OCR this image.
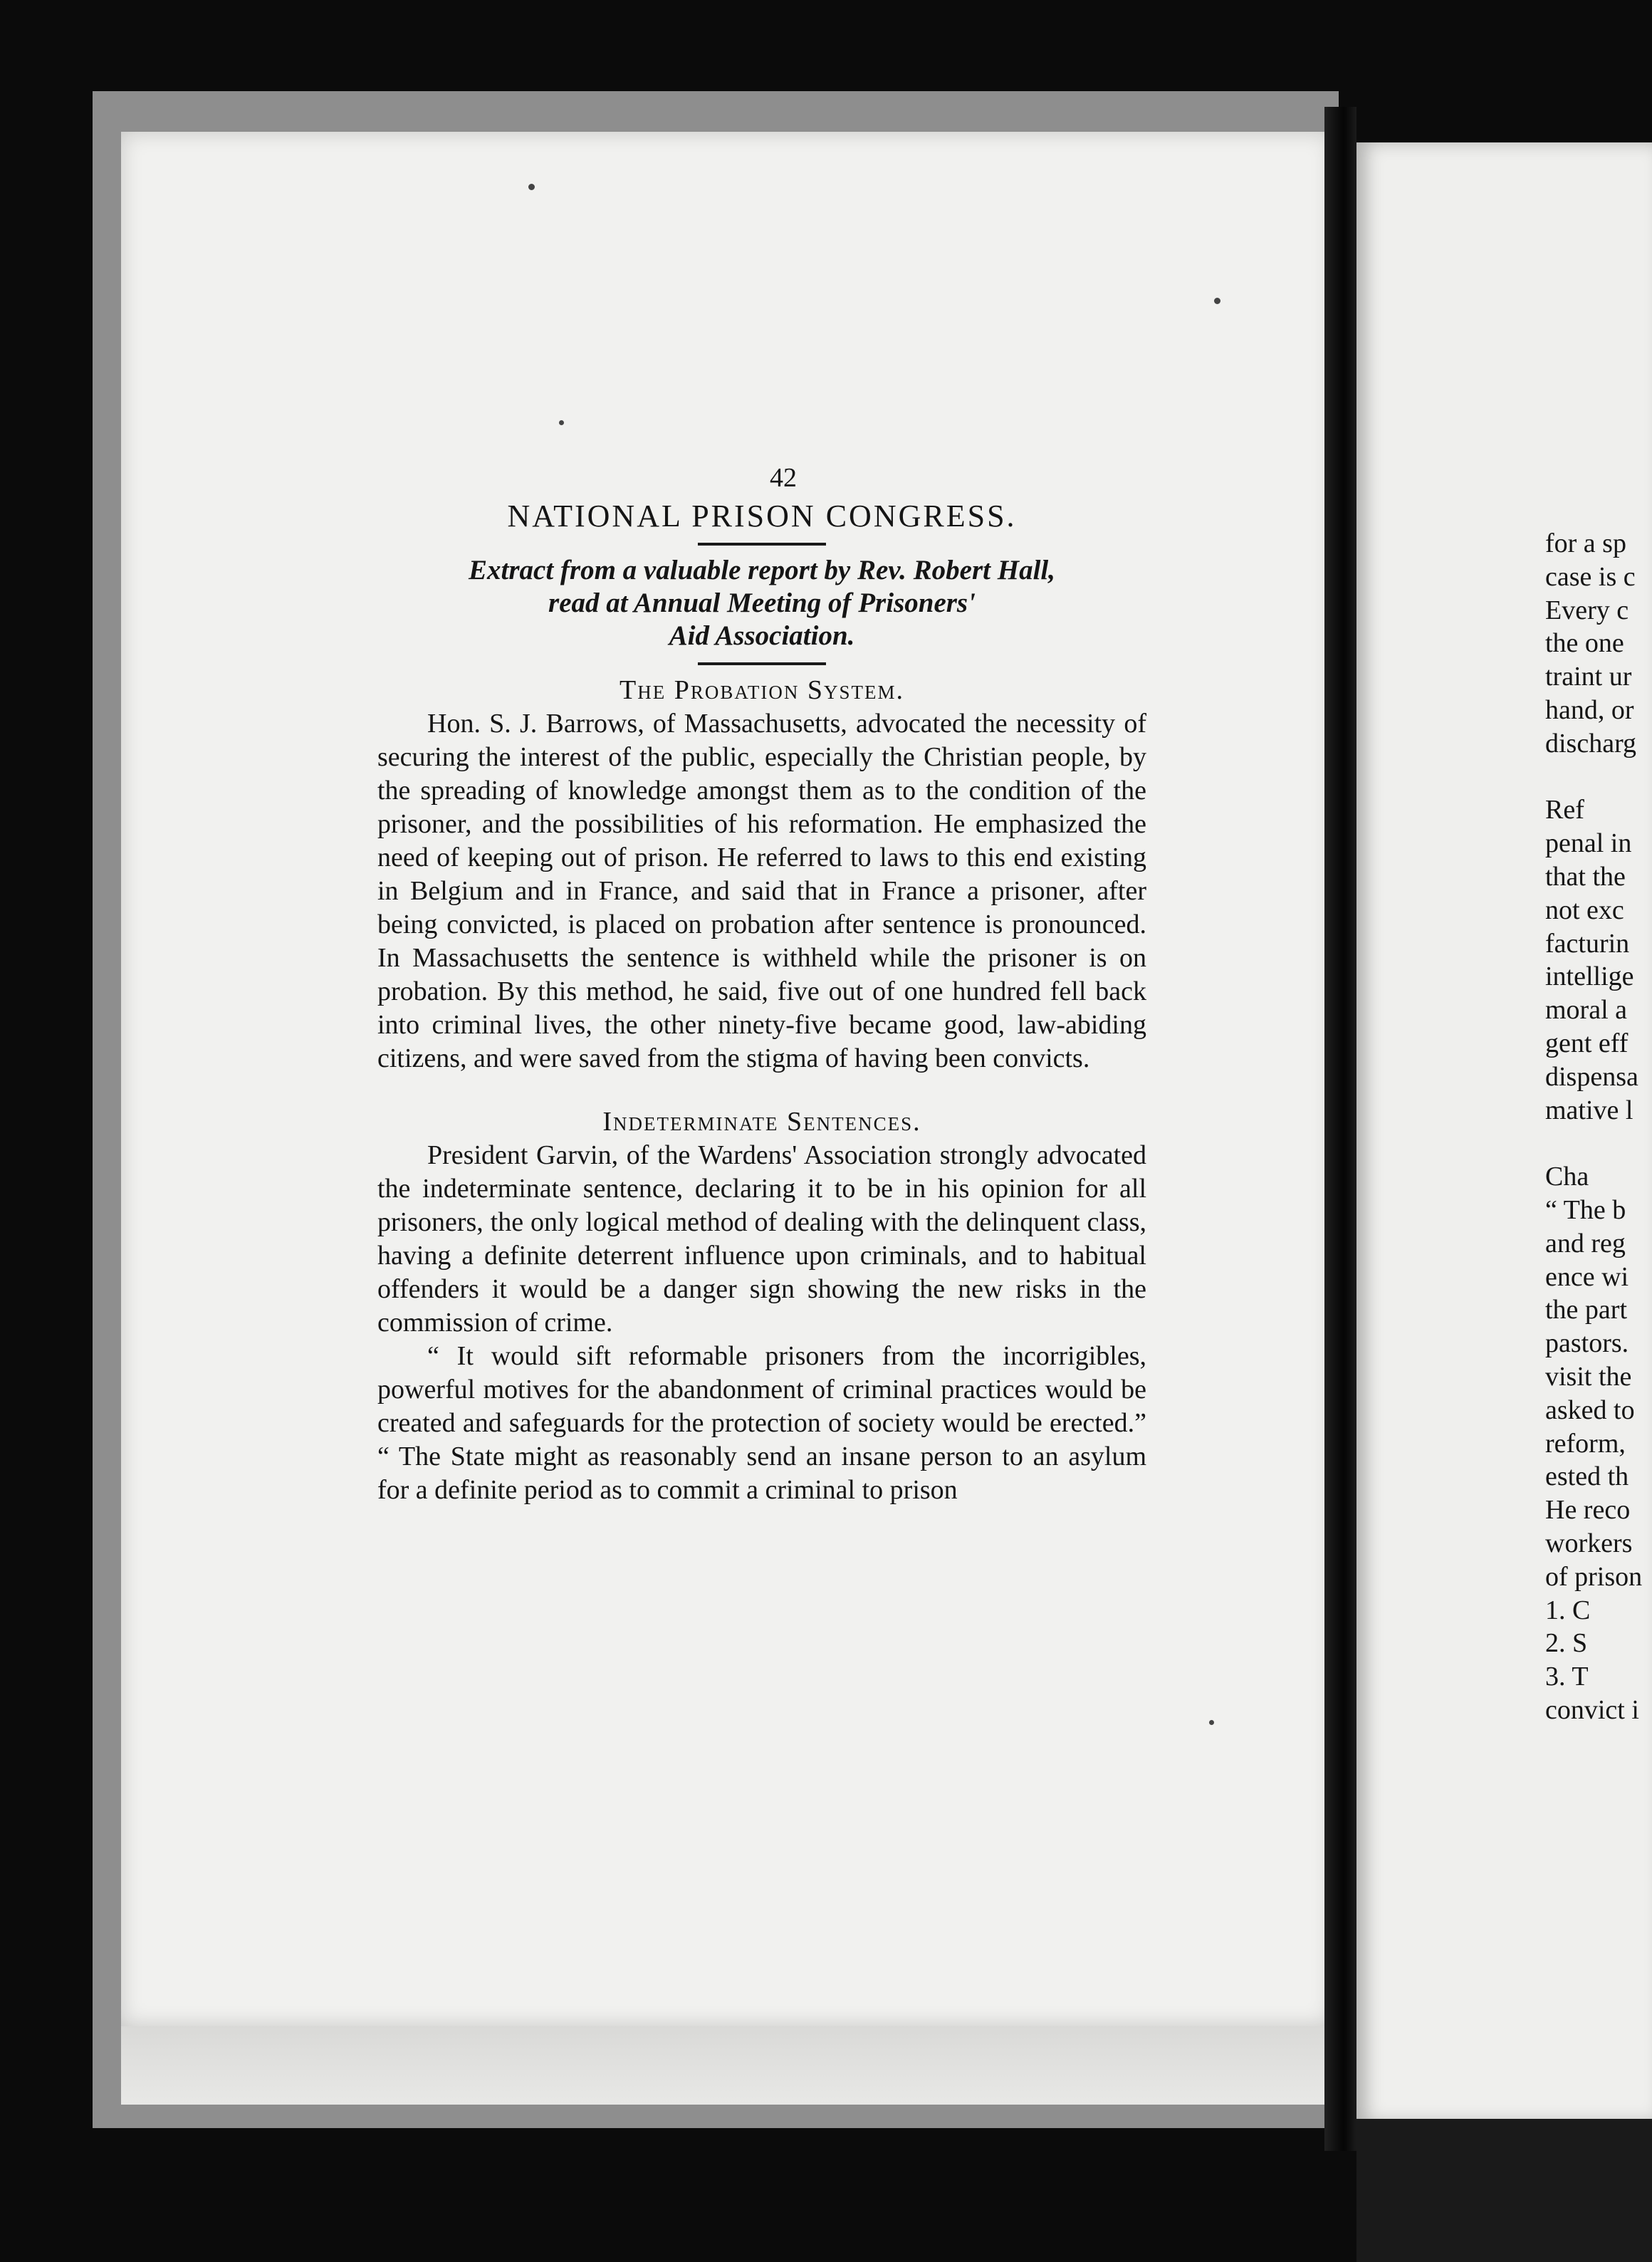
42
NATIONAL PRISON CONGRESS.
Extract from a valuable report by Rev. Robert Hall,
read at Annual Meeting of Prisoners'
Aid Association.
The Probation System.

Hon. S. J. Barrows, of Massachusetts, advocated the necessity of securing the interest of the public, especially the Christian people, by the spreading of knowledge amongst them as to the condition of the prisoner, and the possibilities of his reformation. He emphasized the need of keeping out of prison. He referred to laws to this end existing in Belgium and in France, and said that in France a prisoner, after being convicted, is placed on probation after sentence is pronounced. In Massachusetts the sentence is withheld while the prisoner is on probation. By this method, he said, five out of one hundred fell back into criminal lives, the other ninety-five became good, law-abiding citizens, and were saved from the stigma of having been convicts.

Indeterminate Sentences.

President Garvin, of the Wardens' Association strongly advocated the indeterminate sentence, declaring it to be in his opinion for all prisoners, the only logical method of dealing with the delinquent class, having a definite deterrent influence upon criminals, and to habitual offenders it would be a danger sign showing the new risks in the commission of crime.

“ It would sift reformable prisoners from the incorrigibles, powerful motives for the abandonment of criminal practices would be created and safeguards for the protection of society would be erected.” “ The State might as reasonably send an insane person to an asylum for a definite period as to commit a criminal to prison

for a sp
case is c
Every c
the one
traint ur
hand, or
discharg
Ref
penal in
that the
not exc
facturin
intellige
moral a
gent eff
dispensa
mative l
Cha
“ The b
and reg
ence wi
the part
pastors.
visit the
asked to
reform,
ested th
He reco
workers
of prison
1. C
2. S
3. T
convict i
